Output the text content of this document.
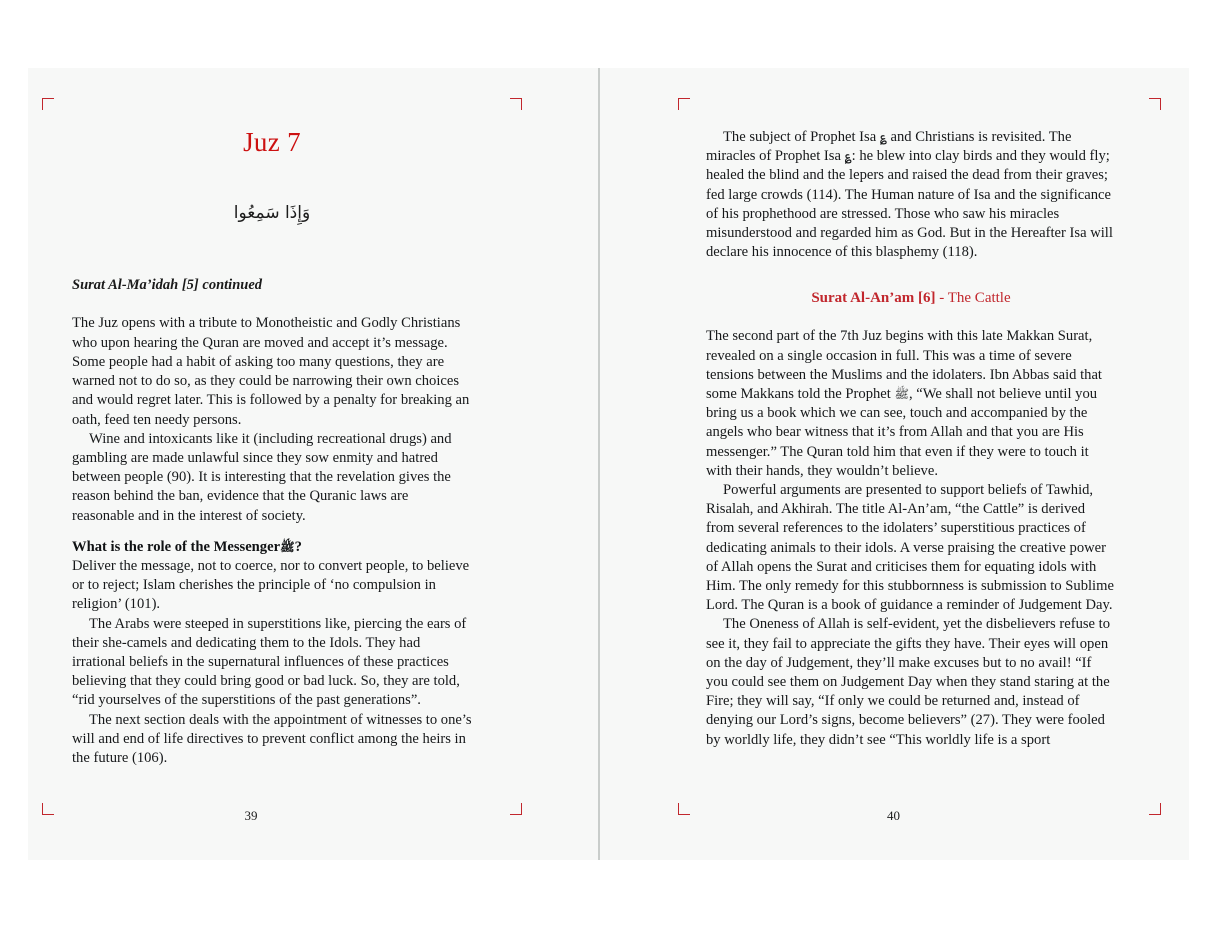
Juz 7
وَإِذَا سَمِعُوا
Surat Al-Ma’idah [5] continued

The Juz opens with a tribute to Monotheistic and Godly Christians who upon hearing the Quran are moved and accept it’s message. Some people had a habit of asking too many questions, they are warned not to do so, as they could be narrowing their own choices and would regret later. This is followed by a penalty for breaking an oath, feed ten needy persons.

Wine and intoxicants like it (including recreational drugs) and gambling are made unlawful since they sow enmity and hatred between people (90). It is interesting that the revelation gives the reason behind the ban, evidence that the Quranic laws are reasonable and in the interest of society.

What is the role of the Messengerﷺ?

Deliver the message, not to coerce, nor to convert people, to believe or to reject; Islam cherishes the principle of ‘no compulsion in religion’ (101).

The Arabs were steeped in superstitions like, piercing the ears of their she-camels and dedicating them to the Idols. They had irrational beliefs in the supernatural influences of these practices believing that they could bring good or bad luck. So, they are told, “rid yourselves of the superstitions of the past generations”.

The next section deals with the appointment of witnesses to one’s will and end of life directives to prevent conflict among the heirs in the future (106).

39

The subject of Prophet Isa ؏ and Christians is revisited. The miracles of Prophet Isa ؏: he blew into clay birds and they would fly; healed the blind and the lepers and raised the dead from their graves; fed large crowds (114). The Human nature of Isa and the significance of his prophethood are stressed. Those who saw his miracles misunderstood and regarded him as God. But in the Hereafter Isa will declare his innocence of this blasphemy (118).

Surat Al-An’am [6] - The Cattle

The second part of the 7th Juz begins with this late Makkan Surat, revealed on a single occasion in full. This was a time of severe tensions between the Muslims and the idolaters. Ibn Abbas said that some Makkans told the Prophet ﷺ, “We shall not believe until you bring us a book which we can see, touch and accompanied by the angels who bear witness that it’s from Allah and that you are His messenger.” The Quran told him that even if they were to touch it with their hands, they wouldn’t believe.

Powerful arguments are presented to support beliefs of Tawhid, Risalah, and Akhirah. The title Al-An’am, “the Cattle” is derived from several references to the idolaters’ superstitious practices of dedicating animals to their idols. A verse praising the creative power of Allah opens the Surat and criticises them for equating idols with Him. The only remedy for this stubbornness is submission to Sublime Lord. The Quran is a book of guidance a reminder of Judgement Day.

The Oneness of Allah is self-evident, yet the disbelievers refuse to see it, they fail to appreciate the gifts they have. Their eyes will open on the day of Judgement, they’ll make excuses but to no avail! “If you could see them on Judgement Day when they stand staring at the Fire; they will say, “If only we could be returned and, instead of denying our Lord’s signs, become believers” (27). They were fooled by worldly life, they didn’t see “This worldly life is a sport

40
